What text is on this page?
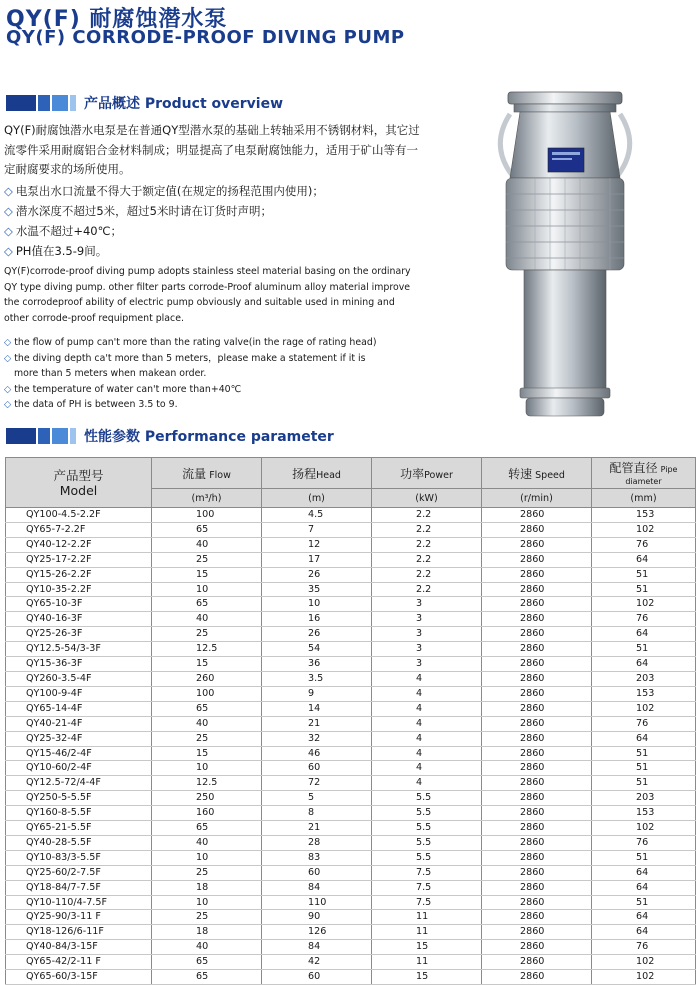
QY(F) 耐腐蚀潜水泵
QY(F) CORRODE-PROOF DIVING PUMP
产品概述 Product overview

QY(F)耐腐蚀潜水电泵是在普通QY型潜水泵的基础上转轴采用不锈钢材料，其它过流零件采用耐腐铝合金材料制成；明显提高了电泵耐腐蚀能力，适用于矿山等有一定耐腐要求的场所使用。

◇ 电泵出水口流量不得大于额定值(在规定的扬程范围内使用)；
◇ 潜水深度不超过5米，超过5米时请在订货时声明；
◇ 水温不超过+40℃；
◇ PH值在3.5-9间。

QY(F)corrode-proof diving pump adopts stainless steel material basing on the ordinary QY type diving pump. other filter parts corrode-Proof aluminum alloy material improve the corrodeproof ability of electric pump obviously and suitable used in mining and other corrode-proof requipment place.

◇ the flow of pump can't more than the rating valve(in the rage of rating head)
◇ the diving depth ca't more than 5 meters，please make a statement if it is
more than 5 meters when makean order.
◇ the temperature of water can't more than+40℃
◇ the data of PH is between 3.5 to 9.
性能参数 Performance parameter
产品型号
Model	流量 Flow	扬程Head	功率Power	转速 Speed	配管直径 Pipe diameter
	(m³/h)	(m)	(kW)	(r/min)	(mm)
QY100-4.5-2.2F	100	4.5	2.2	2860	153
QY65-7-2.2F	65	7	2.2	2860	102
QY40-12-2.2F	40	12	2.2	2860	76
QY25-17-2.2F	25	17	2.2	2860	64
QY15-26-2.2F	15	26	2.2	2860	51
QY10-35-2.2F	10	35	2.2	2860	51
QY65-10-3F	65	10	3	2860	102
QY40-16-3F	40	16	3	2860	76
QY25-26-3F	25	26	3	2860	64
QY12.5-54/3-3F	12.5	54	3	2860	51
QY15-36-3F	15	36	3	2860	64
QY260-3.5-4F	260	3.5	4	2860	203
QY100-9-4F	100	9	4	2860	153
QY65-14-4F	65	14	4	2860	102
QY40-21-4F	40	21	4	2860	76
QY25-32-4F	25	32	4	2860	64
QY15-46/2-4F	15	46	4	2860	51
QY10-60/2-4F	10	60	4	2860	51
QY12.5-72/4-4F	12.5	72	4	2860	51
QY250-5-5.5F	250	5	5.5	2860	203
QY160-8-5.5F	160	8	5.5	2860	153
QY65-21-5.5F	65	21	5.5	2860	102
QY40-28-5.5F	40	28	5.5	2860	76
QY10-83/3-5.5F	10	83	5.5	2860	51
QY25-60/2-7.5F	25	60	7.5	2860	64
QY18-84/7-7.5F	18	84	7.5	2860	64
QY10-110/4-7.5F	10	110	7.5	2860	51
QY25-90/3-11 F	25	90	11	2860	64
QY18-126/6-11F	18	126	11	2860	64
QY40-84/3-15F	40	84	15	2860	76
QY65-42/2-11 F	65	42	11	2860	102
QY65-60/3-15F	65	60	15	2860	102
